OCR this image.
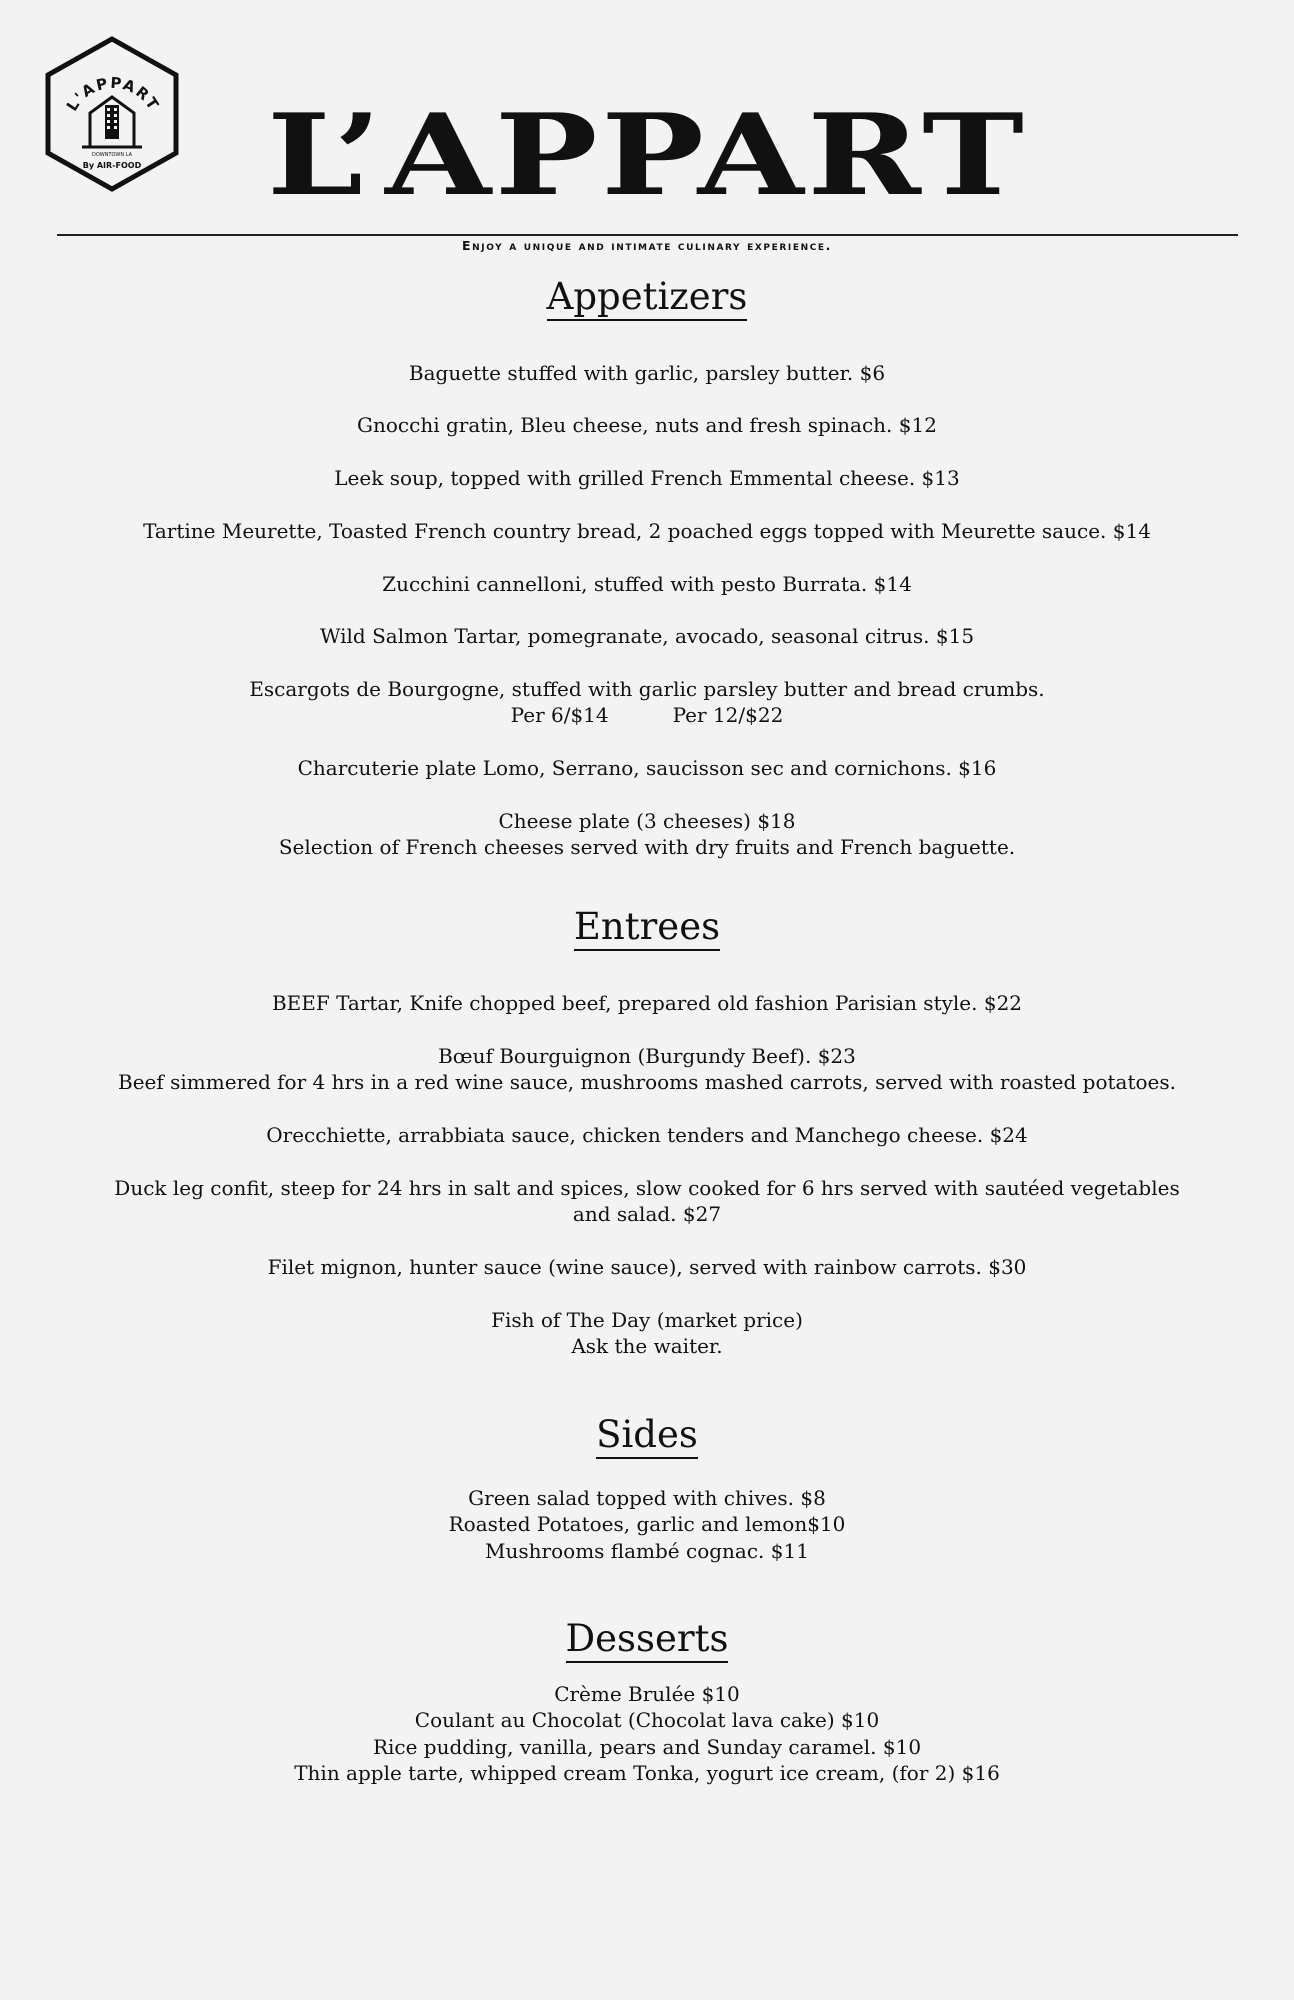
L'APPART
DOWNTOWN LA
By AIR-FOOD	L’APPART
Enjoy a unique and intimate culinary experience.
Appetizers
Baguette stuffed with garlic, parsley butter. $6
Gnocchi gratin, Bleu cheese, nuts and fresh spinach. $12
Leek soup, topped with grilled French Emmental cheese. $13
Tartine Meurette, Toasted French country bread, 2 poached eggs topped with Meurette sauce. $14
Zucchini cannelloni, stuffed with pesto Burrata. $14
Wild Salmon Tartar, pomegranate, avocado, seasonal citrus. $15
Escargots de Bourgogne, stuffed with garlic parsley butter and bread crumbs.
Per 6/$14	Per 12/$22
Charcuterie plate Lomo, Serrano, saucisson sec and cornichons. $16
Cheese plate (3 cheeses) $18
Selection of French cheeses served with dry fruits and French baguette.
Entrees
BEEF Tartar, Knife chopped beef, prepared old fashion Parisian style. $22
Bœuf Bourguignon (Burgundy Beef). $23
Beef simmered for 4 hrs in a red wine sauce, mushrooms mashed carrots, served with roasted potatoes.
Orecchiette, arrabbiata sauce, chicken tenders and Manchego cheese. $24
Duck leg confit, steep for 24 hrs in salt and spices, slow cooked for 6 hrs served with sautéed vegetables
and salad. $27
Filet mignon, hunter sauce (wine sauce), served with rainbow carrots. $30
Fish of The Day (market price)
Ask the waiter.
Sides
Green salad topped with chives. $8
Roasted Potatoes, garlic and lemon$10
Mushrooms flambé cognac. $11
Desserts
Crème Brulée $10
Coulant au Chocolat (Chocolat lava cake) $10
Rice pudding, vanilla, pears and Sunday caramel. $10
Thin apple tarte, whipped cream Tonka, yogurt ice cream, (for 2) $16
